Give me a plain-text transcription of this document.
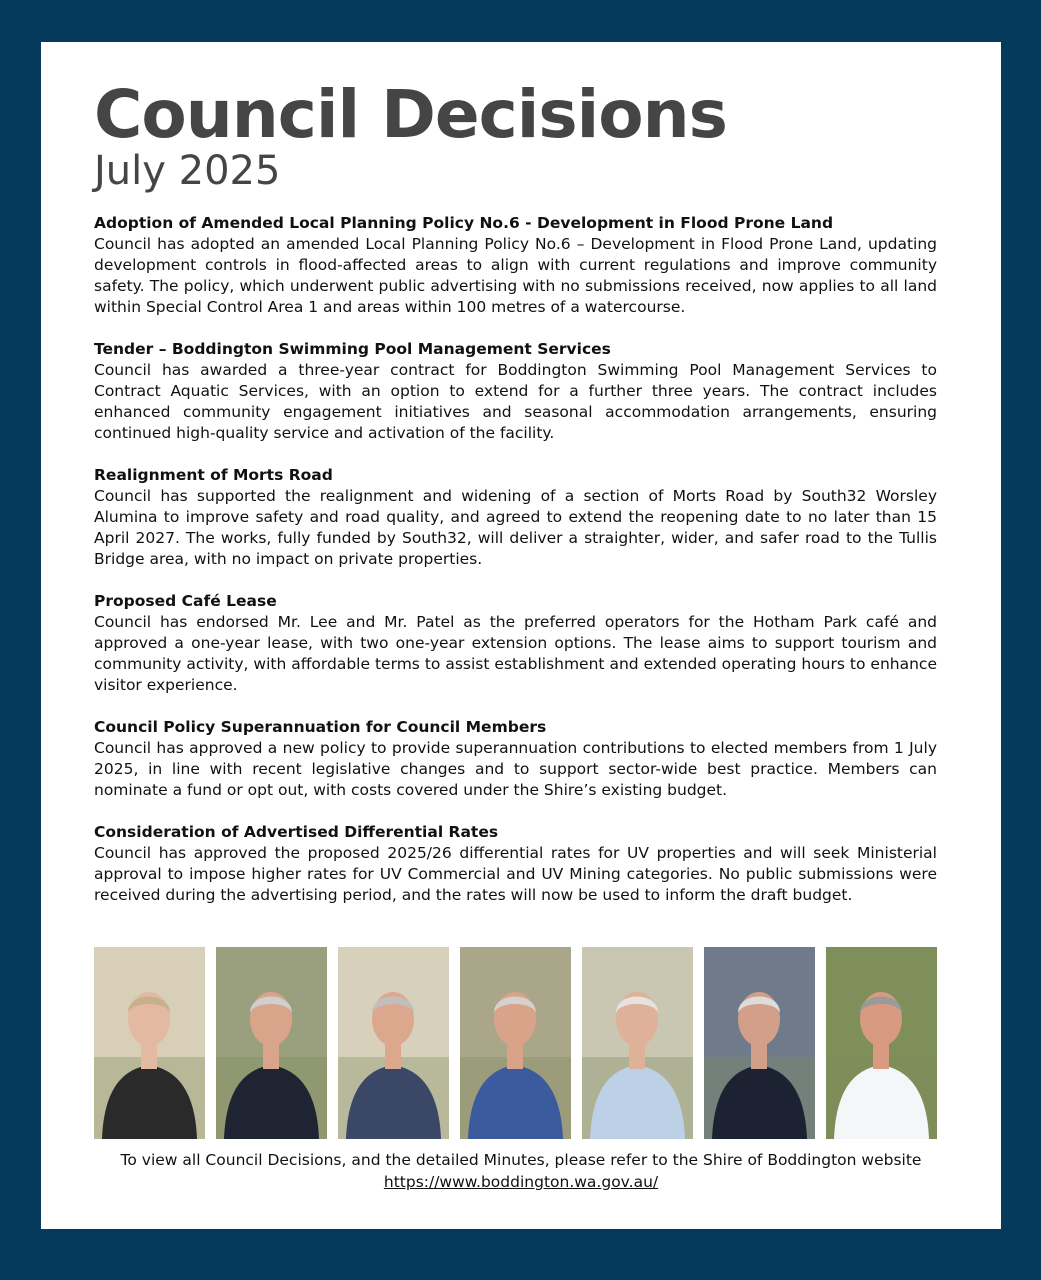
Council Decisions
July 2025
Adoption of Amended Local Planning Policy No.6 - Development in Flood Prone Land

Council has adopted an amended Local Planning Policy No.6 – Development in Flood Prone Land, updating development controls in flood-affected areas to align with current regulations and improve community safety. The policy, which underwent public advertising with no submissions received, now applies to all land within Special Control Area 1 and areas within 100 metres of a watercourse.

Tender – Boddington Swimming Pool Management Services

Council has awarded a three-year contract for Boddington Swimming Pool Management Services to Contract Aquatic Services, with an option to extend for a further three years. The contract includes enhanced community engagement initiatives and seasonal accommodation arrangements, ensuring continued high-quality service and activation of the facility.

Realignment of Morts Road

Council has supported the realignment and widening of a section of Morts Road by South32 Worsley Alumina to improve safety and road quality, and agreed to extend the reopening date to no later than 15 April 2027. The works, fully funded by South32, will deliver a straighter, wider, and safer road to the Tullis Bridge area, with no impact on private properties.

Proposed Café Lease

Council has endorsed Mr. Lee and Mr. Patel as the preferred operators for the Hotham Park café and approved a one-year lease, with two one-year extension options. The lease aims to support tourism and community activity, with affordable terms to assist establishment and extended operating hours to enhance visitor experience.

Council Policy Superannuation for Council Members

Council has approved a new policy to provide superannuation contributions to elected members from 1 July 2025, in line with recent legislative changes and to support sector-wide best practice. Members can nominate a fund or opt out, with costs covered under the Shire’s existing budget.

Consideration of Advertised Differential Rates

Council has approved the proposed 2025/26 differential rates for UV properties and will seek Ministerial approval to impose higher rates for UV Commercial and UV Mining categories. No public submissions were received during the advertising period, and the rates will now be used to inform the draft budget.

To view all Council Decisions, and the detailed Minutes, please refer to the Shire of Boddington website

https://www.boddington.wa.gov.au/
